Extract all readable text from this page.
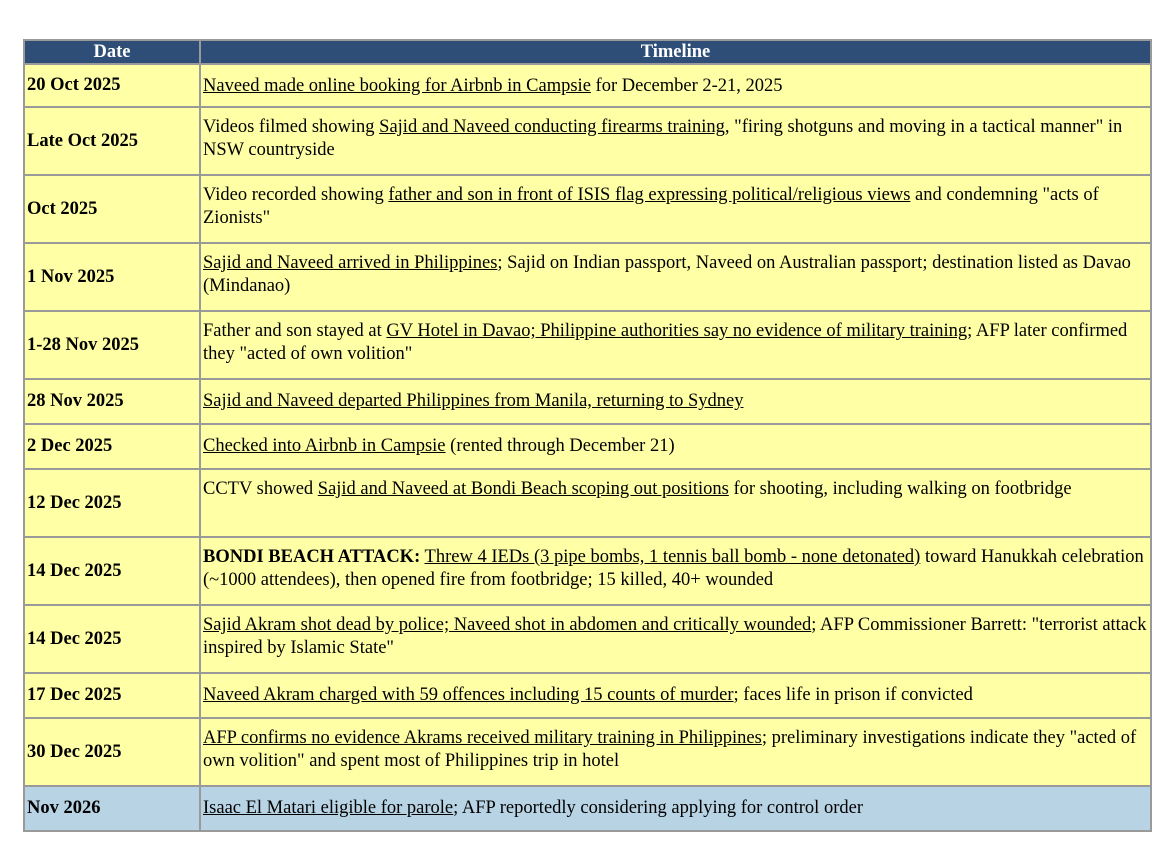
Date	Timeline
20 Oct 2025	Naveed made online booking for Airbnb in Campsie for December 2-21, 2025
Late Oct 2025	Videos filmed showing Sajid and Naveed conducting firearms training, "firing shotguns and moving in a tactical manner" in NSW countryside
Oct 2025	Video recorded showing father and son in front of ISIS flag expressing political/religious views and condemning "acts of Zionists"
1 Nov 2025	Sajid and Naveed arrived in Philippines; Sajid on Indian passport, Naveed on Australian passport; destination listed as Davao (Mindanao)
1-28 Nov 2025	Father and son stayed at GV Hotel in Davao; Philippine authorities say no evidence of military training; AFP later confirmed they "acted of own volition"
28 Nov 2025	Sajid and Naveed departed Philippines from Manila, returning to Sydney
2 Dec 2025	Checked into Airbnb in Campsie (rented through December 21)
12 Dec 2025	CCTV showed Sajid and Naveed at Bondi Beach scoping out positions for shooting, including walking on footbridge
14 Dec 2025	BONDI BEACH ATTACK: Threw 4 IEDs (3 pipe bombs, 1 tennis ball bomb - none detonated) toward Hanukkah celebration (~1000 attendees), then opened fire from footbridge; 15 killed, 40+ wounded
14 Dec 2025	Sajid Akram shot dead by police; Naveed shot in abdomen and critically wounded; AFP Commissioner Barrett: "terrorist attack inspired by Islamic State"
17 Dec 2025	Naveed Akram charged with 59 offences including 15 counts of murder; faces life in prison if convicted
30 Dec 2025	AFP confirms no evidence Akrams received military training in Philippines; preliminary investigations indicate they "acted of own volition" and spent most of Philippines trip in hotel
Nov 2026	Isaac El Matari eligible for parole; AFP reportedly considering applying for control order
